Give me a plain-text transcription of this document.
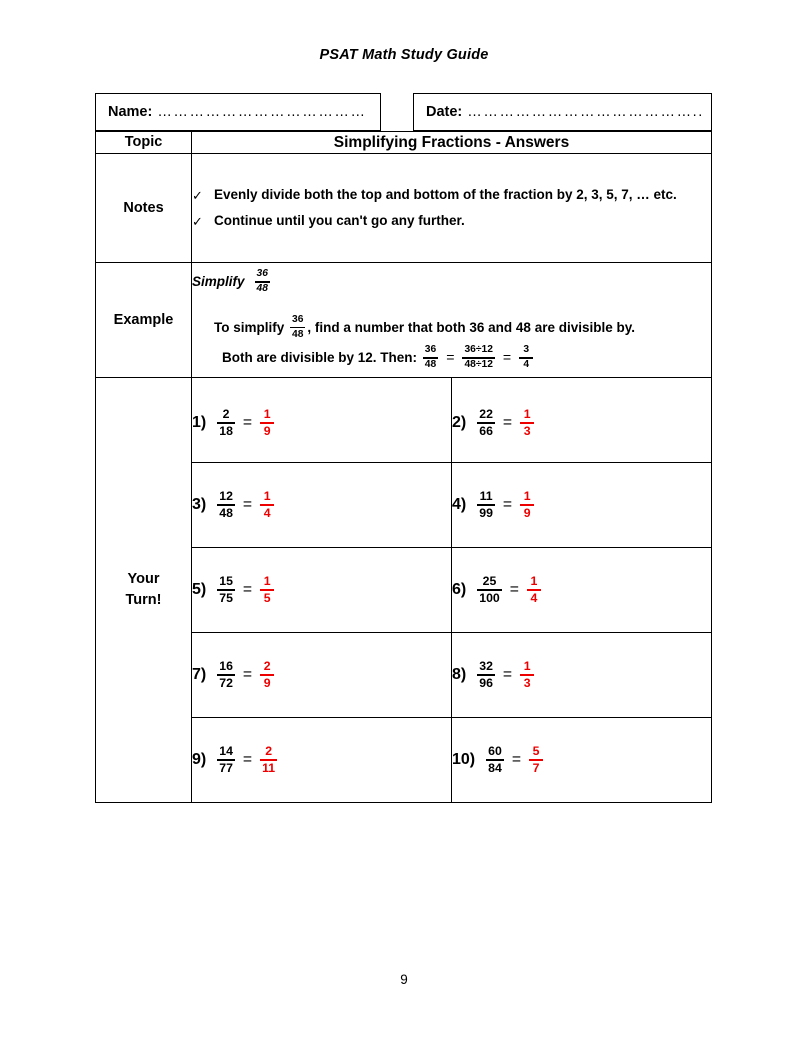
PSAT Math Study Guide
Name: …………………………………	Date: ……………………………………..
Topic	Simplifying Fractions - Answers	
Notes	✓ Evenly divide both the top and bottom of the fraction by 2, 3, 5, 7, … etc.
✓ Continue until you can't go any further.	

Example	
Simplify $\frac{36}{48}$
To simplify $\frac{36}{48}$ , find a number that both 36 and 48 are divisible by.
Both are divisible by 12. Then: $\frac{36}{48} = \frac{36\div 12}{48\div 12} = \frac{3}{4}$

Your
Turn!	
$1) \frac{2}{18} = \frac{1}{9}$	$2) \frac{22}{66} = \frac{1}{3}$

$3) \frac{12}{48} = \frac{1}{4}$	$4) \frac{11}{99} = \frac{1}{9}$

$5) \frac{15}{75} = \frac{1}{5}$	$6) \frac{25}{100} = \frac{1}{4}$

$7) \frac{16}{72} = \frac{2}{9}$	$8) \frac{32}{96} = \frac{1}{3}$

$9) \frac{14}{77} = \frac{2}{11}$	$10) \frac{60}{84} = \frac{5}{7}$
9
